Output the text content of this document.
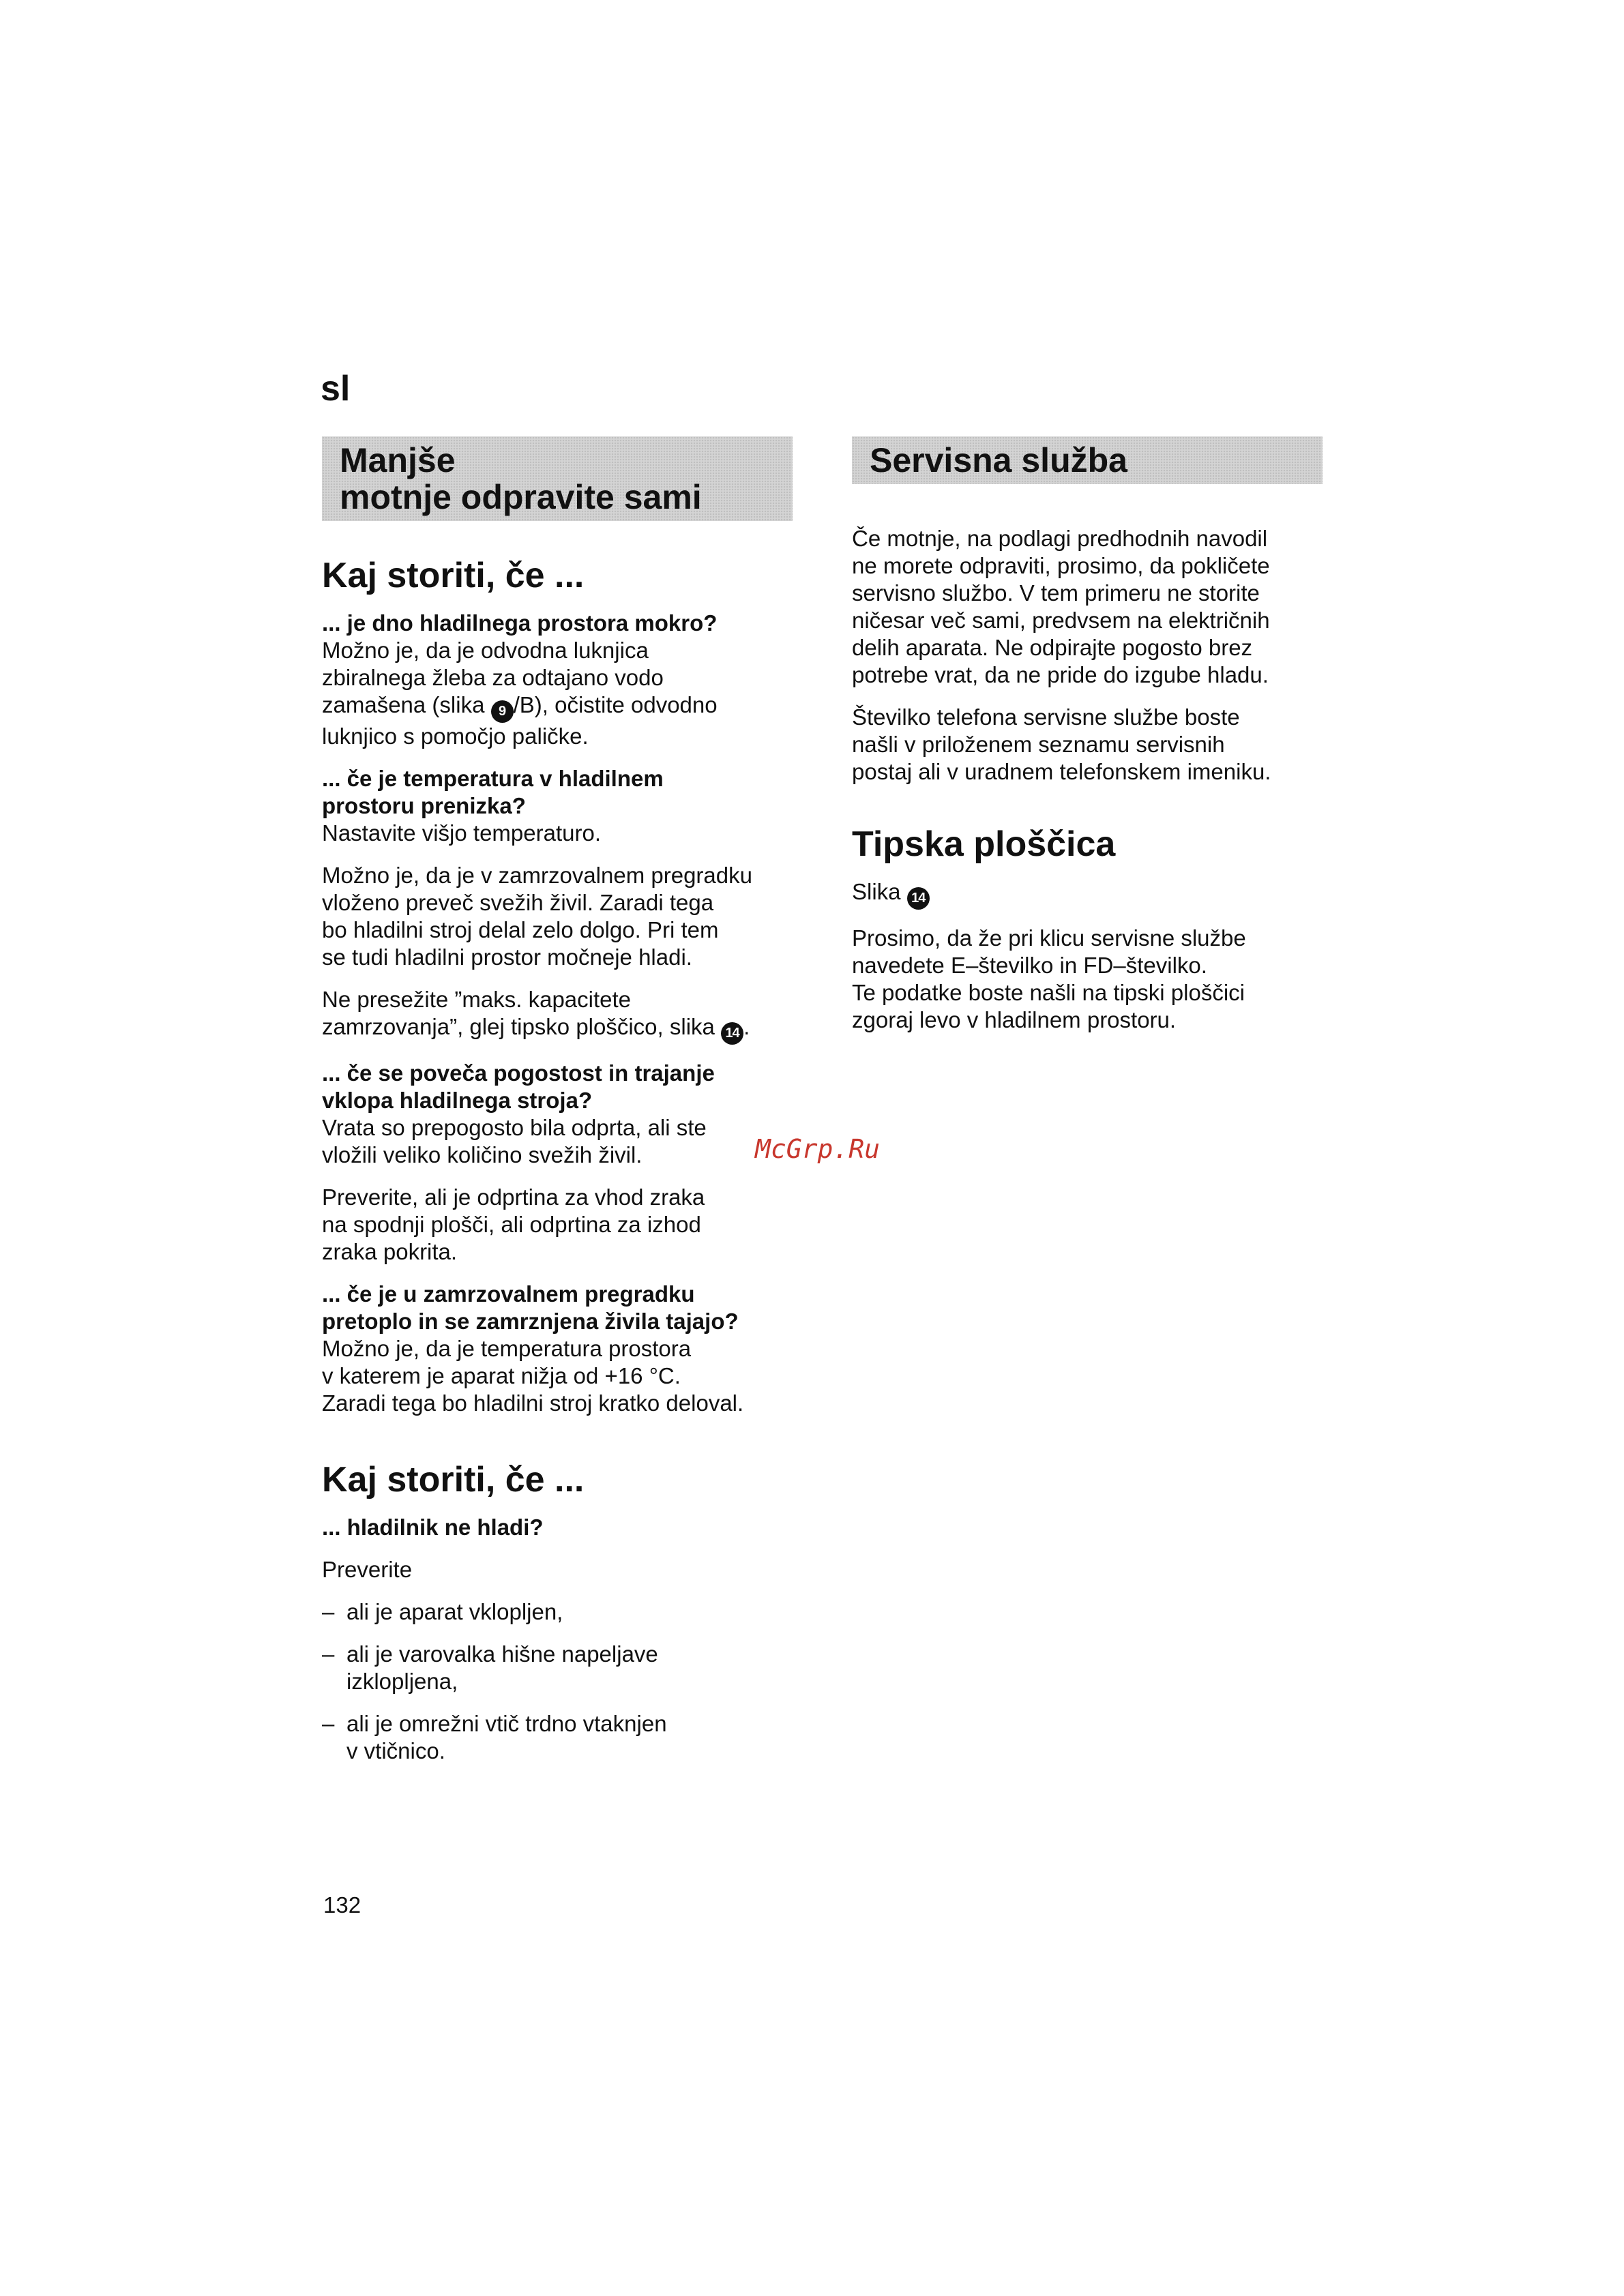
sl
Manjše
motnje odpravite sami
Kaj storiti, če ...
... je dno hladilnega prostora mokro?

Možno je, da je odvodna luknjica
zbiralnega žleba za odtajano vodo
zamašena (slika 9 /B), očistite odvodno
luknjico s pomočjo paličke.

... če je temperatura v hladilnem
prostoru prenizka?

Nastavite višjo temperaturo.

Možno je, da je v zamrzovalnem pregradku
vloženo preveč svežih živil. Zaradi tega
bo hladilni stroj delal zelo dolgo. Pri tem
se tudi hladilni prostor močneje hladi.

Ne presežite ”maks. kapacitete
zamrzovanja”, glej tipsko ploščico, slika 14 .

... če se poveča pogostost in trajanje
vklopa hladilnega stroja?

Vrata so prepogosto bila odprta, ali ste
vložili veliko količino svežih živil.

Preverite, ali je odprtina za vhod zraka
na spodnji plošči, ali odprtina za izhod
zraka pokrita.

... če je u zamrzovalnem pregradku
pretoplo in se zamrznjena živila tajajo?

Možno je, da je temperatura prostora
v katerem je aparat nižja od +16 °C.
Zaradi tega bo hladilni stroj kratko deloval.

Kaj storiti, če ...

... hladilnik ne hladi?

Preverite

– ali je aparat vklopljen,
– ali je varovalka hišne napeljave
izklopljena,
– ali je omrežni vtič trdno vtaknjen
v vtičnico.
Servisna služba

Če motnje, na podlagi predhodnih navodil
ne morete odpraviti, prosimo, da pokličete
servisno službo. V tem primeru ne storite
ničesar več sami, predvsem na električnih
delih aparata. Ne odpirajte pogosto brez
potrebe vrat, da ne pride do izgube hladu.

Številko telefona servisne službe boste
našli v priloženem seznamu servisnih
postaj ali v uradnem telefonskem imeniku.

Tipska ploščica

Slika 14

Prosimo, da že pri klicu servisne službe
navedete E–številko in FD–številko.
Te podatke boste našli na tipski ploščici
zgoraj levo v hladilnem prostoru.

McGrp.Ru
132
